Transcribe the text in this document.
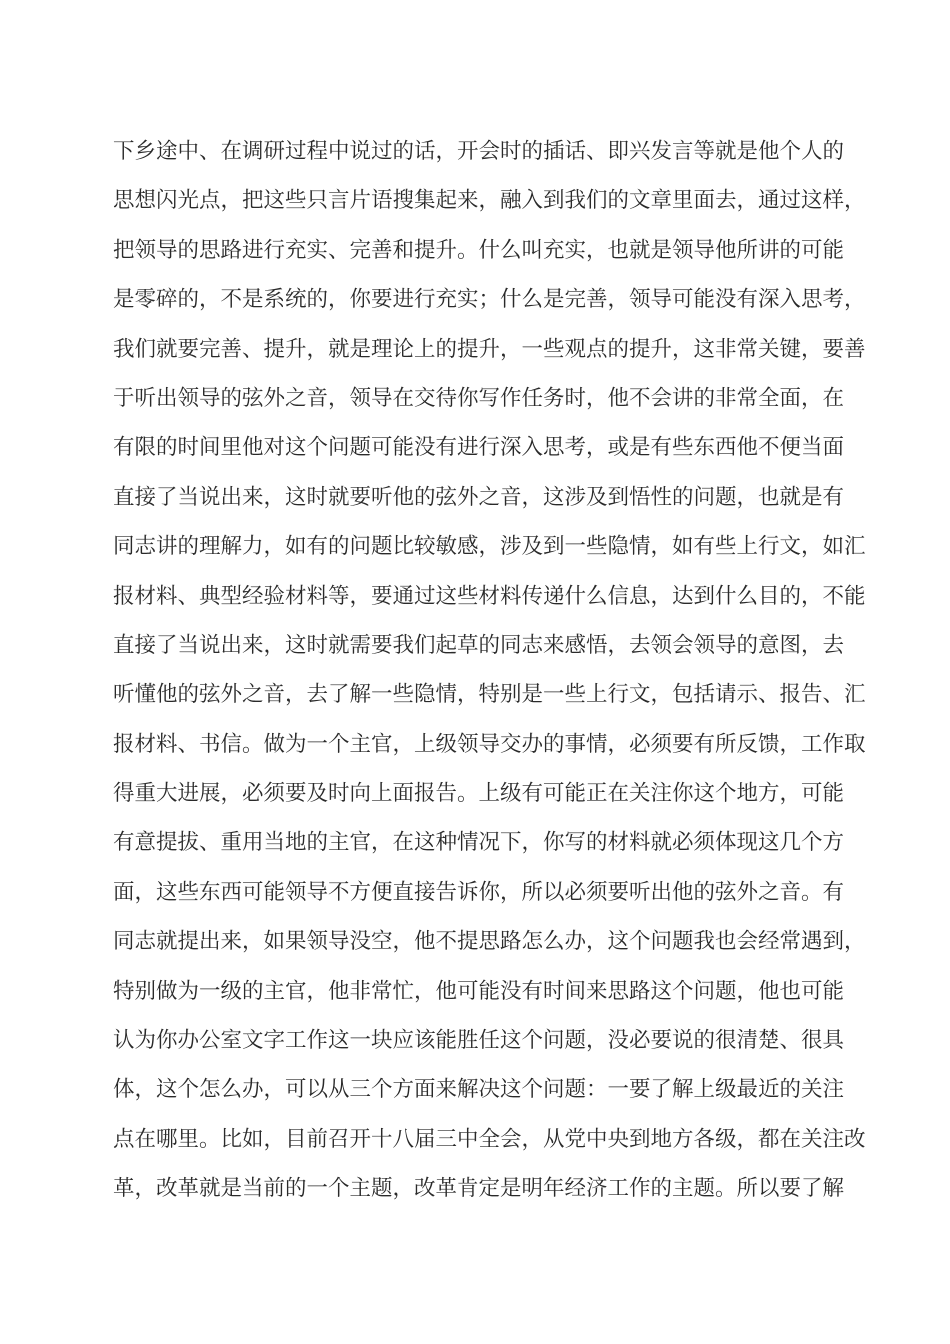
下乡途中、在调研过程中说过的话，开会时的插话、即兴发言等就是他个人的
思想闪光点，把这些只言片语搜集起来，融入到我们的文章里面去，通过这样，
把领导的思路进行充实、完善和提升。什么叫充实，也就是领导他所讲的可能
是零碎的，不是系统的，你要进行充实；什么是完善，领导可能没有深入思考，
我们就要完善、提升，就是理论上的提升，一些观点的提升，这非常关键，要善
于听出领导的弦外之音，领导在交待你写作任务时，他不会讲的非常全面，在
有限的时间里他对这个问题可能没有进行深入思考，或是有些东西他不便当面
直接了当说出来，这时就要听他的弦外之音，这涉及到悟性的问题，也就是有
同志讲的理解力，如有的问题比较敏感，涉及到一些隐情，如有些上行文，如汇
报材料、典型经验材料等，要通过这些材料传递什么信息，达到什么目的，不能
直接了当说出来，这时就需要我们起草的同志来感悟，去领会领导的意图，去
听懂他的弦外之音，去了解一些隐情，特别是一些上行文，包括请示、报告、汇
报材料、书信。做为一个主官，上级领导交办的事情，必须要有所反馈，工作取
得重大进展，必须要及时向上面报告。上级有可能正在关注你这个地方，可能
有意提拔、重用当地的主官，在这种情况下，你写的材料就必须体现这几个方
面，这些东西可能领导不方便直接告诉你，所以必须要听出他的弦外之音。有
同志就提出来，如果领导没空，他不提思路怎么办，这个问题我也会经常遇到，
特别做为一级的主官，他非常忙，他可能没有时间来思路这个问题，他也可能
认为你办公室文字工作这一块应该能胜任这个问题，没必要说的很清楚、很具
体，这个怎么办，可以从三个方面来解决这个问题：一要了解上级最近的关注
点在哪里。比如，目前召开十八届三中全会，从党中央到地方各级，都在关注改
革，改革就是当前的一个主题，改革肯定是明年经济工作的主题。所以要了解
